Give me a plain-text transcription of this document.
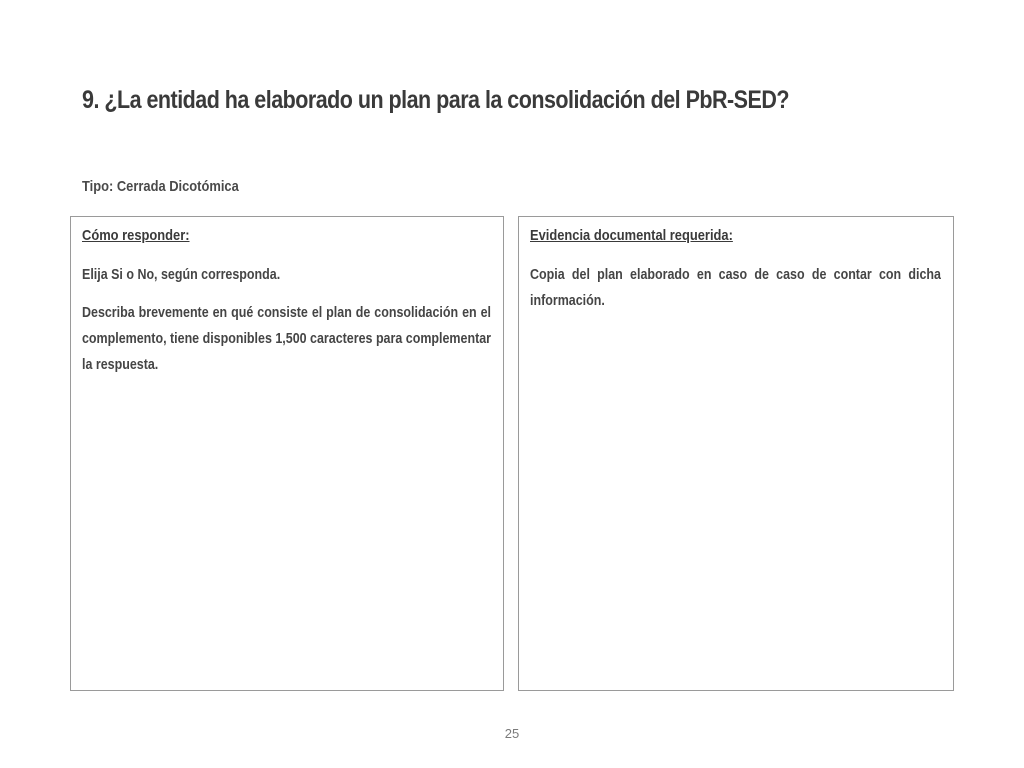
9. ¿La entidad ha elaborado un plan para la consolidación del PbR-SED?
Tipo: Cerrada Dicotómica
Cómo responder:

Elija Si o No, según corresponda.

Describa brevemente en qué consiste el plan de consolidación en el complemento, tiene disponibles 1,500 caracteres para complementar la respuesta.

Evidencia documental requerida:

Copia del plan elaborado en caso de caso de contar con dicha información.

25
